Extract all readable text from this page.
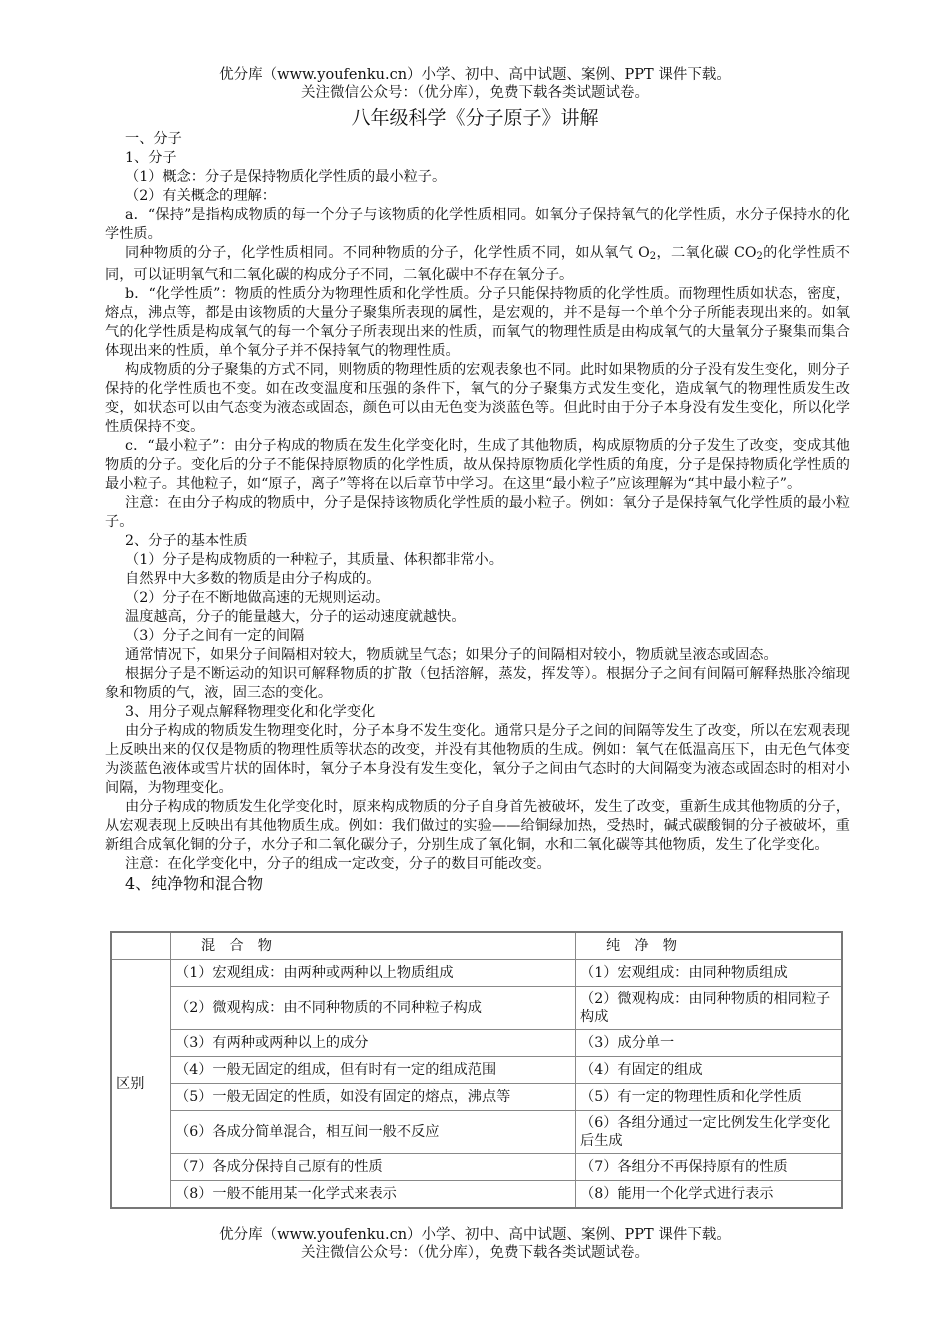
优分库（www.youfenku.cn）小学、初中、高中试题、案例、PPT 课件下载。
关注微信公众号：（优分库），免费下载各类试题试卷。
八年级科学《分子原子》讲解

一、分子

1、分子

（1）概念：分子是保持物质化学性质的最小粒子。

（2）有关概念的理解：

a．“保持”是指构成物质的每一个分子与该物质的化学性质相同。如氧分子保持氧气的化学性质，水分子保持水的化学性质。

同种物质的分子，化学性质相同。不同种物质的分子，化学性质不同，如从氧气 $O_2$，二氧化碳 $CO_2$的化学性质不同，可以证明氧气和二氧化碳的构成分子不同，二氧化碳中不存在氧分子。

b．“化学性质”：物质的性质分为物理性质和化学性质。分子只能保持物质的化学性质。而物理性质如状态，密度，熔点，沸点等，都是由该物质的大量分子聚集所表现的属性，是宏观的，并不是每一个单个分子所能表现出来的。如氧气的化学性质是构成氧气的每一个氧分子所表现出来的性质，而氧气的物理性质是由构成氧气的大量氧分子聚集而集合体现出来的性质，单个氧分子并不保持氧气的物理性质。

构成物质的分子聚集的方式不同，则物质的物理性质的宏观表象也不同。此时如果物质的分子没有发生变化，则分子保持的化学性质也不变。如在改变温度和压强的条件下，氧气的分子聚集方式发生变化，造成氧气的物理性质发生改变，如状态可以由气态变为液态或固态，颜色可以由无色变为淡蓝色等。但此时由于分子本身没有发生变化，所以化学性质保持不变。

c．“最小粒子”：由分子构成的物质在发生化学变化时，生成了其他物质，构成原物质的分子发生了改变，变成其他物质的分子。变化后的分子不能保持原物质的化学性质，故从保持原物质化学性质的角度，分子是保持物质化学性质的最小粒子。其他粒子，如“原子，离子”等将在以后章节中学习。在这里“最小粒子”应该理解为“其中最小粒子”。

注意：在由分子构成的物质中，分子是保持该物质化学性质的最小粒子。例如：氧分子是保持氧气化学性质的最小粒子。

2、分子的基本性质

（1）分子是构成物质的一种粒子，其质量、体积都非常小。

自然界中大多数的物质是由分子构成的。

（2）分子在不断地做高速的无规则运动。

温度越高，分子的能量越大，分子的运动速度就越快。

（3）分子之间有一定的间隔

通常情况下，如果分子间隔相对较大，物质就呈气态；如果分子的间隔相对较小，物质就呈液态或固态。

根据分子是不断运动的知识可解释物质的扩散（包括溶解，蒸发，挥发等）。根据分子之间有间隔可解释热胀冷缩现象和物质的气，液，固三态的变化。

3、用分子观点解释物理变化和化学变化

由分子构成的物质发生物理变化时，分子本身不发生变化。通常只是分子之间的间隔等发生了改变，所以在宏观表现上反映出来的仅仅是物质的物理性质等状态的改变，并没有其他物质的生成。例如：氧气在低温高压下，由无色气体变为淡蓝色液体或雪片状的固体时，氧分子本身没有发生变化，氧分子之间由气态时的大间隔变为液态或固态时的相对小间隔，为物理变化。

由分子构成的物质发生化学变化时，原来构成物质的分子自身首先被破坏，发生了改变，重新生成其他物质的分子，从宏观表现上反映出有其他物质生成。例如：我们做过的实验——给铜绿加热，受热时，碱式碳酸铜的分子被破坏，重新组合成氧化铜的分子，水分子和二氧化碳分子，分别生成了氧化铜，水和二氧化碳等其他物质，发生了化学变化。

注意：在化学变化中，分子的组成一定改变，分子的数目可能改变。

4、纯净物和混合物

	混　合　物	纯　净　物
区别	（1）宏观组成：由两种或两种以上物质组成	（1）宏观组成：由同种物质组成
	（2）微观构成：由不同种物质的不同种粒子构成	（2）微观构成：由同种物质的相同粒子构成
	（3）有两种或两种以上的成分	（3）成分单一
	（4）一般无固定的组成，但有时有一定的组成范围	（4）有固定的组成
	（5）一般无固定的性质，如没有固定的熔点，沸点等	（5）有一定的物理性质和化学性质
	（6）各成分简单混合，相互间一般不反应	（6）各组分通过一定比例发生化学变化后生成
	（7）各成分保持自己原有的性质	（7）各组分不再保持原有的性质
	（8）一般不能用某一化学式来表示	（8）能用一个化学式进行表示
优分库（www.youfenku.cn）小学、初中、高中试题、案例、PPT 课件下载。
关注微信公众号：（优分库），免费下载各类试题试卷。
